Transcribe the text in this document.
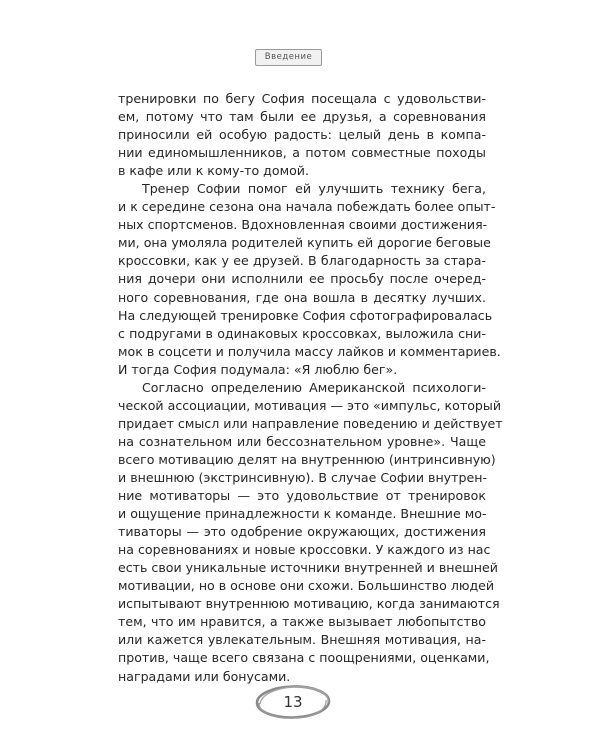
Введение

тренировки по бегу София посещала с удовольстви-
ем, потому что там были ее друзья, а соревнования
приносили ей особую радость: целый день в компа-
нии единомышленников, а потом совместные походы
в кафе или к кому-то домой.

Тренер Софии помог ей улучшить технику бега,
и к середине сезона она начала побеждать более опыт-
ных спортсменов. Вдохновленная своими достижения-
ми, она умоляла родителей купить ей дорогие беговые
кроссовки, как у ее друзей. В благодарность за стара-
ния дочери они исполнили ее просьбу после очеред-
ного соревнования, где она вошла в десятку лучших.
На следующей тренировке София сфотографировалась
с подругами в одинаковых кроссовках, выложила сни-
мок в соцсети и получила массу лайков и комментариев.
И тогда София подумала: «Я люблю бег».

Согласно определению Американской психологи-
ческой ассоциации, мотивация — это «импульс, который
придает смысл или направление поведению и действует
на сознательном или бессознательном уровне». Чаще
всего мотивацию делят на внутреннюю (интринсивную)
и внешнюю (экстринсивную). В случае Софии внутрен-
ние мотиваторы — это удовольствие от тренировок
и ощущение принадлежности к команде. Внешние мо-
тиваторы — это одобрение окружающих, достижения
на соревнованиях и новые кроссовки. У каждого из нас
есть свои уникальные источники внутренней и внешней
мотивации, но в основе они схожи. Большинство людей
испытывают внутреннюю мотивацию, когда занимаются
тем, что им нравится, а также вызывает любопытство
или кажется увлекательным. Внешняя мотивация, на-
против, чаще всего связана с поощрениями, оценками,
наградами или бонусами.

13
